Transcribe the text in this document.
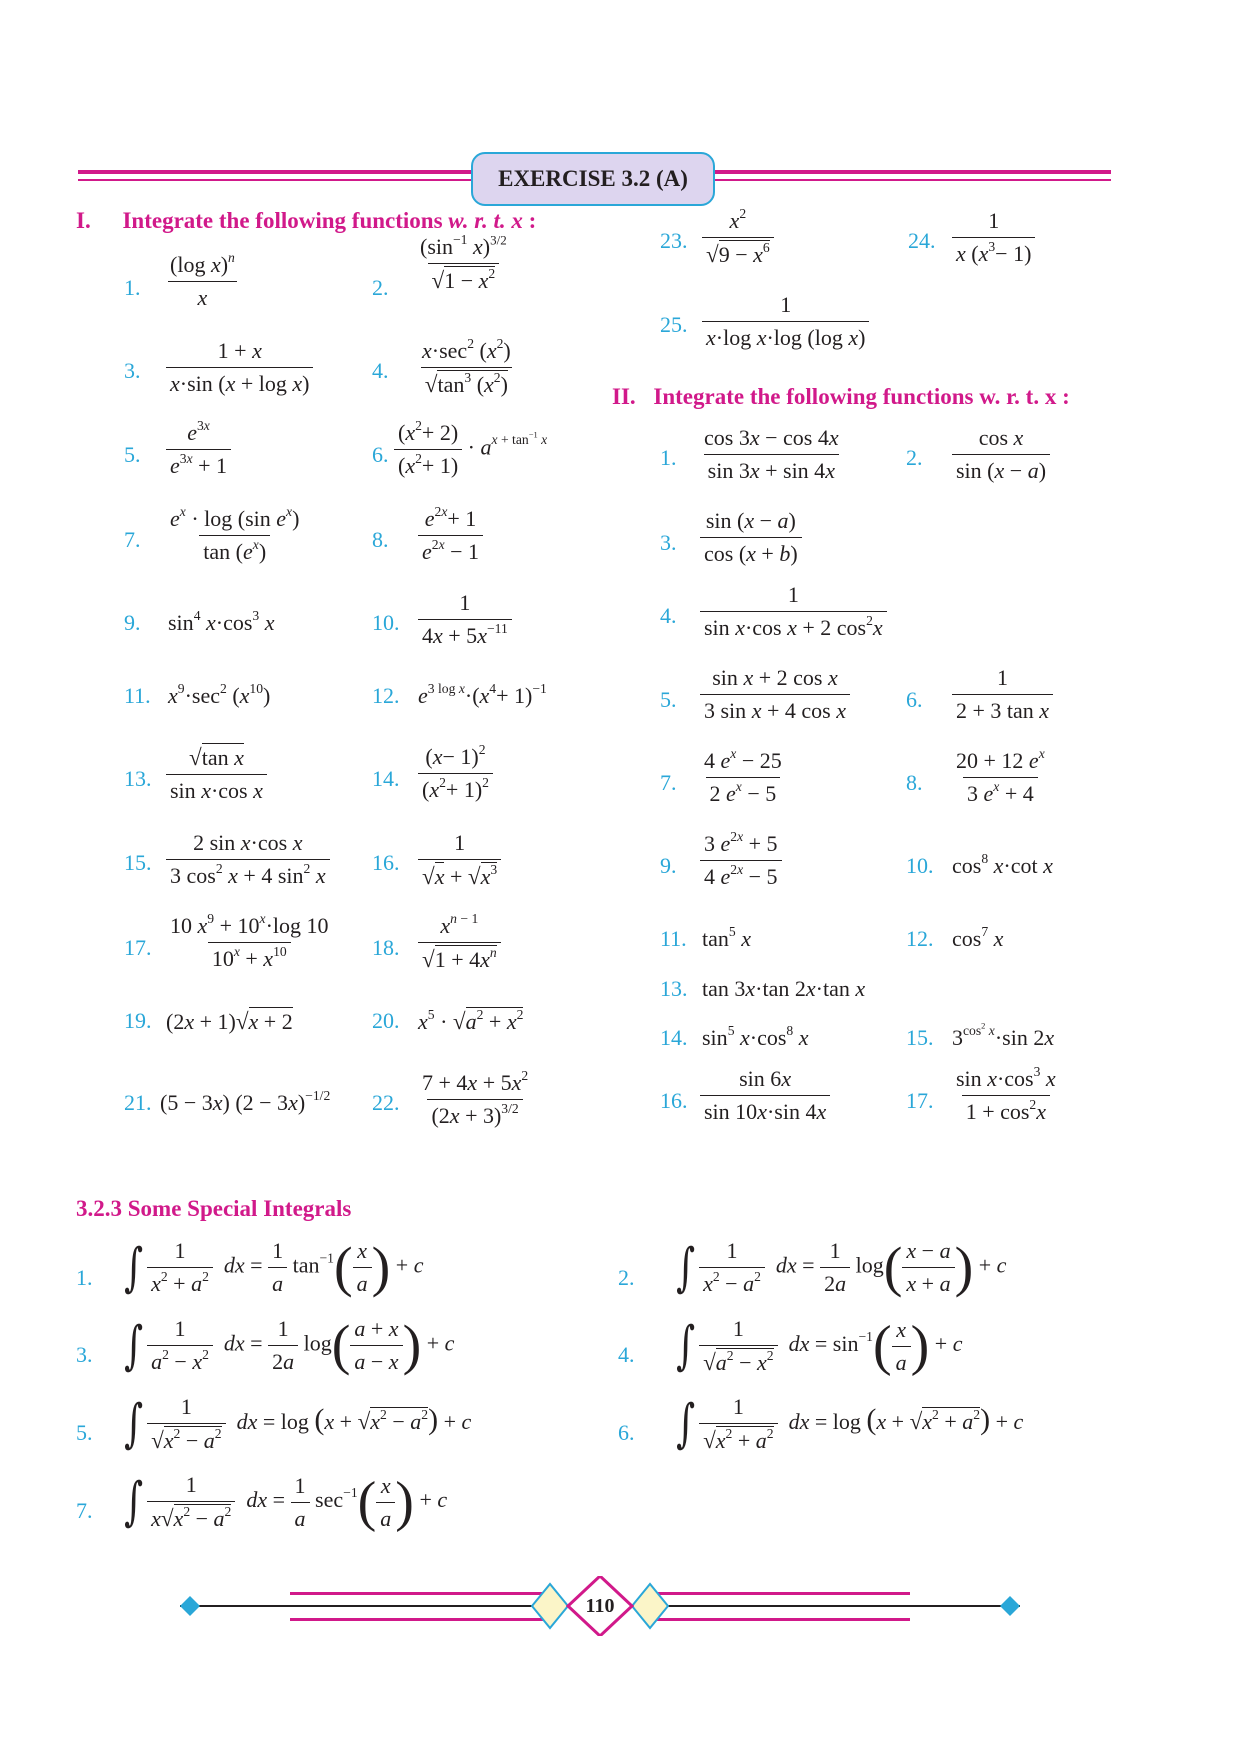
EXERCISE 3.2 (A)
I. Integrate the following functions w. r. t. x :
1. $\frac{(\log x)^n}{x}$	2. $\frac{(\sin^{-1} x)^{3/2}}{√1 - x^2}$
3. $\frac{1 + x}{\text{x·sin (x + log x)}}$	4. $\frac{x\cdot\sec^2 (x^2)}{√\tan^3 (x^2)}$
5. $\frac{e^{3x}}{e^{3x} + 1}$	6. $\frac{(x^2+ 2)}{(x^2+ 1)} \cdot a^{x + tan^{-1} x}$
7. $\frac{e^x \cdot \log (\sin e^x)}{\tan (e^x)}$	8. $\frac{e^{2x}+ 1}{e^{2x} - 1}$
9. $\sin^4 x\cdot\cos^3$ x	10. $\frac{1}{4x + 5x^{-11}}$
11. $x^9\cdot\sec^2$ $(x^{10})$	12. $e^{3 log x}\cdot(x^4+ 1)^{-1}$
13. $\frac{\text{√tan x}}{\text{sin x·cos x}}$	14. $\frac{(x- 1)^2}{(x^2+ 1)^2}$
15. $\frac{\text{2 sin x·cos x}}{3 \cos^2 x + 4 \sin^2 x} 16$. $\frac{1}{√x + √x^3}$
17. $\frac{10 x^9 + 10^x\cdot\log 10}{10^x + x^{10}} 18$. $\frac{x^{n - 1}}{√1 + 4x^n}$
19. (2x + 1)√x + 2	20. $x^5 \cdot √a^2 + x^2$
21. (5 − 3x) $(2 - 3x)^{-1/2}$ 22. $\frac{7 + 4x + 5x^2}{(2x + 3)^{3/2}}$
23. $\frac{x^2}{√9 - x^6}$	24. $\frac{1}{x (x^3- 1)}$
25. $\frac{1}{\text{x·log x·log (log x)}}$
II. Integrate the following functions w. r. t. x :
1. $\frac{\cos 3x - \cos 4x}{\sin 3x + \sin 4x}$	2. $\frac{\text{cos x}}{\sin (x - a)}$
3. $\frac{\sin (x - a)}{\cos (x + b)}$
4. $\frac{1}{\sin x\cdot\cos x + 2 \cos^2x}$
5. $\frac{\text{sin x + 2 cos x}}{\text{3 sin x + 4 cos x}}$	6. $\frac{1}{\text{2 + 3 tan x}}$
7. $\frac{4 e^x - 25}{2 e^x - 5}$	8. $\frac{20 + 12 e^x}{3 e^x + 4}$
9. $\frac{3 e^{2x} + 5}{4 e^{2x} - 5}$	10. $\cos^8 x\cdot\cot$ x
11. $\tan^5 x$	12. $\cos^7 x$
13. tan 3x·tan 2x·tan x
14. $\sin^5 x\cdot\cos^8$ x	15. $3^{cos^2 x}\cdot\sin$ 2x
16. $\frac{\sin 6x}{\sin 10x\cdot\sin 4x}$	17. $\frac{\sin x\cdot\cos^3 x}{1 + \cos^2x}$
3.2.3 Some Special Integrals
1. ∫ $\frac{1}{x^2 + a^2}$ dx = $\frac{1}{a} \tan^{-1}( \frac{x}{a}$ ) + c	2. ∫ $\frac{1}{x^2 - a^2}$ dx = $\frac{1}{2a} \log( \frac{x - a}{x + a}$ ) + c
3. ∫ $\frac{1}{a^2 - x^2}$ dx = $\frac{1}{2a} \log( \frac{a + x}{a - x}$ ) + c	4. ∫ $\frac{1}{√a^2 - x^2}$ dx = $\sin^{-1}( \frac{x}{a}$ ) + c
5. ∫ $\frac{1}{√x^2 - a^2}$ dx = $\log (x + √x^2 - a^2) + c$	6. ∫ $\frac{1}{√x^2 + a^2}$ dx = $\log (x + √x^2 + a^2) + c$
7. ∫ $\frac{1}{x√x^2 - a^2}$ dx = $\frac{1}{a} \sec^{-1}( \frac{x}{a}$ ) + c
110
